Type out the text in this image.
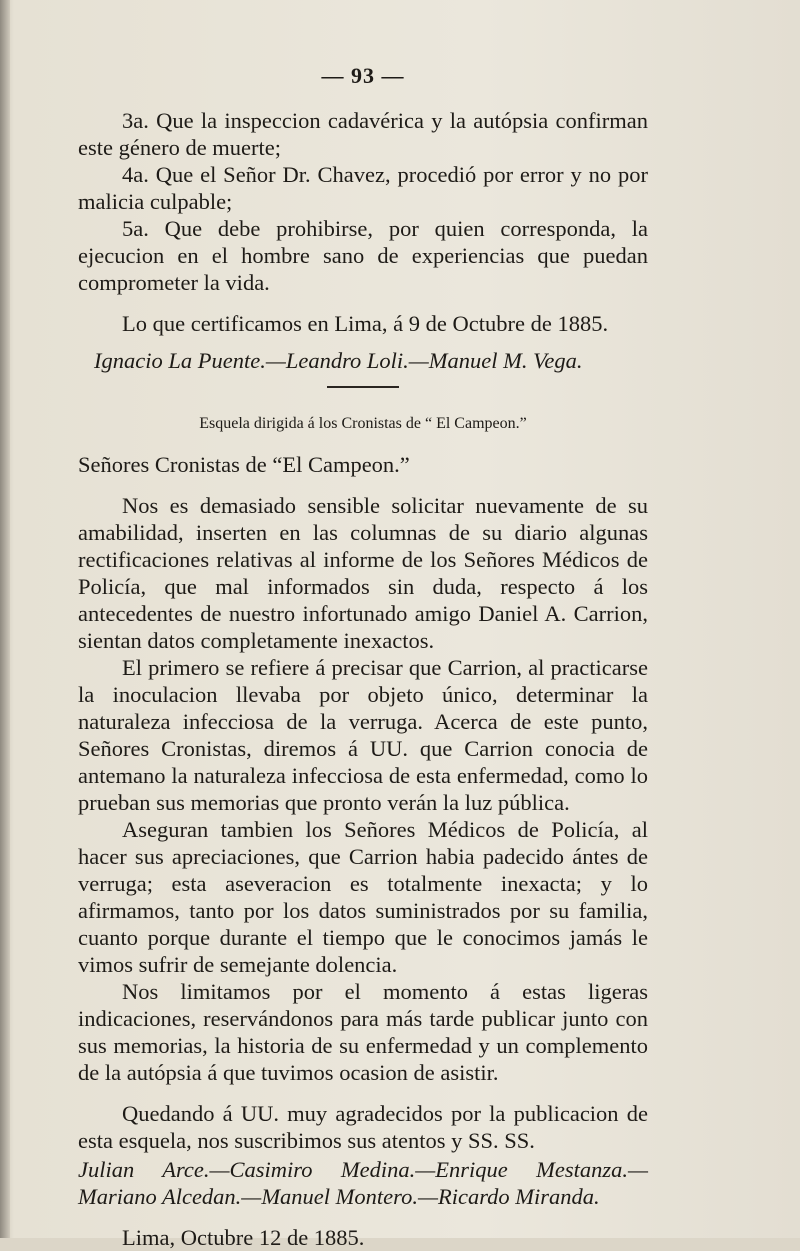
— 93 —

3a. Que la inspeccion cadavérica y la autópsia confirman este género de muerte;

4a. Que el Señor Dr. Chavez, procedió por error y no por malicia culpable;

5a. Que debe prohibirse, por quien corresponda, la ejecucion en el hombre sano de experiencias que puedan comprometer la vida.

Lo que certificamos en Lima, á 9 de Octubre de 1885.

Ignacio La Puente.—Leandro Loli.—Manuel M. Vega.

Esquela dirigida á los Cronistas de “ El Campeon.”

Señores Cronistas de “El Campeon.”

Nos es demasiado sensible solicitar nuevamente de su amabilidad, inserten en las columnas de su diario algunas rectificaciones relativas al informe de los Señores Médicos de Policía, que mal informados sin duda, respecto á los antecedentes de nuestro infortunado amigo Daniel A. Carrion, sientan datos completamente inexactos.

El primero se refiere á precisar que Carrion, al practicarse la inoculacion llevaba por objeto único, determinar la naturaleza infecciosa de la verruga. Acerca de este punto, Señores Cronistas, diremos á UU. que Carrion conocia de antemano la naturaleza infecciosa de esta enfermedad, como lo prueban sus memorias que pronto verán la luz pública.

Aseguran tambien los Señores Médicos de Policía, al hacer sus apreciaciones, que Carrion habia padecido ántes de verruga; esta aseveracion es totalmente inexacta; y lo afirmamos, tanto por los datos suministrados por su familia, cuanto porque durante el tiempo que le conocimos jamás le vimos sufrir de semejante dolencia.

Nos limitamos por el momento á estas ligeras indicaciones, reservándonos para más tarde publicar junto con sus memorias, la historia de su enfermedad y un complemento de la autópsia á que tuvimos ocasion de asistir.

Quedando á UU. muy agradecidos por la publicacion de esta esquela, nos suscribimos sus atentos y SS. SS.

Julian Arce.—Casimiro Medina.—Enrique Mestanza.—Mariano Alcedan.—Manuel Montero.—Ricardo Miranda.

Lima, Octubre 12 de 1885.
